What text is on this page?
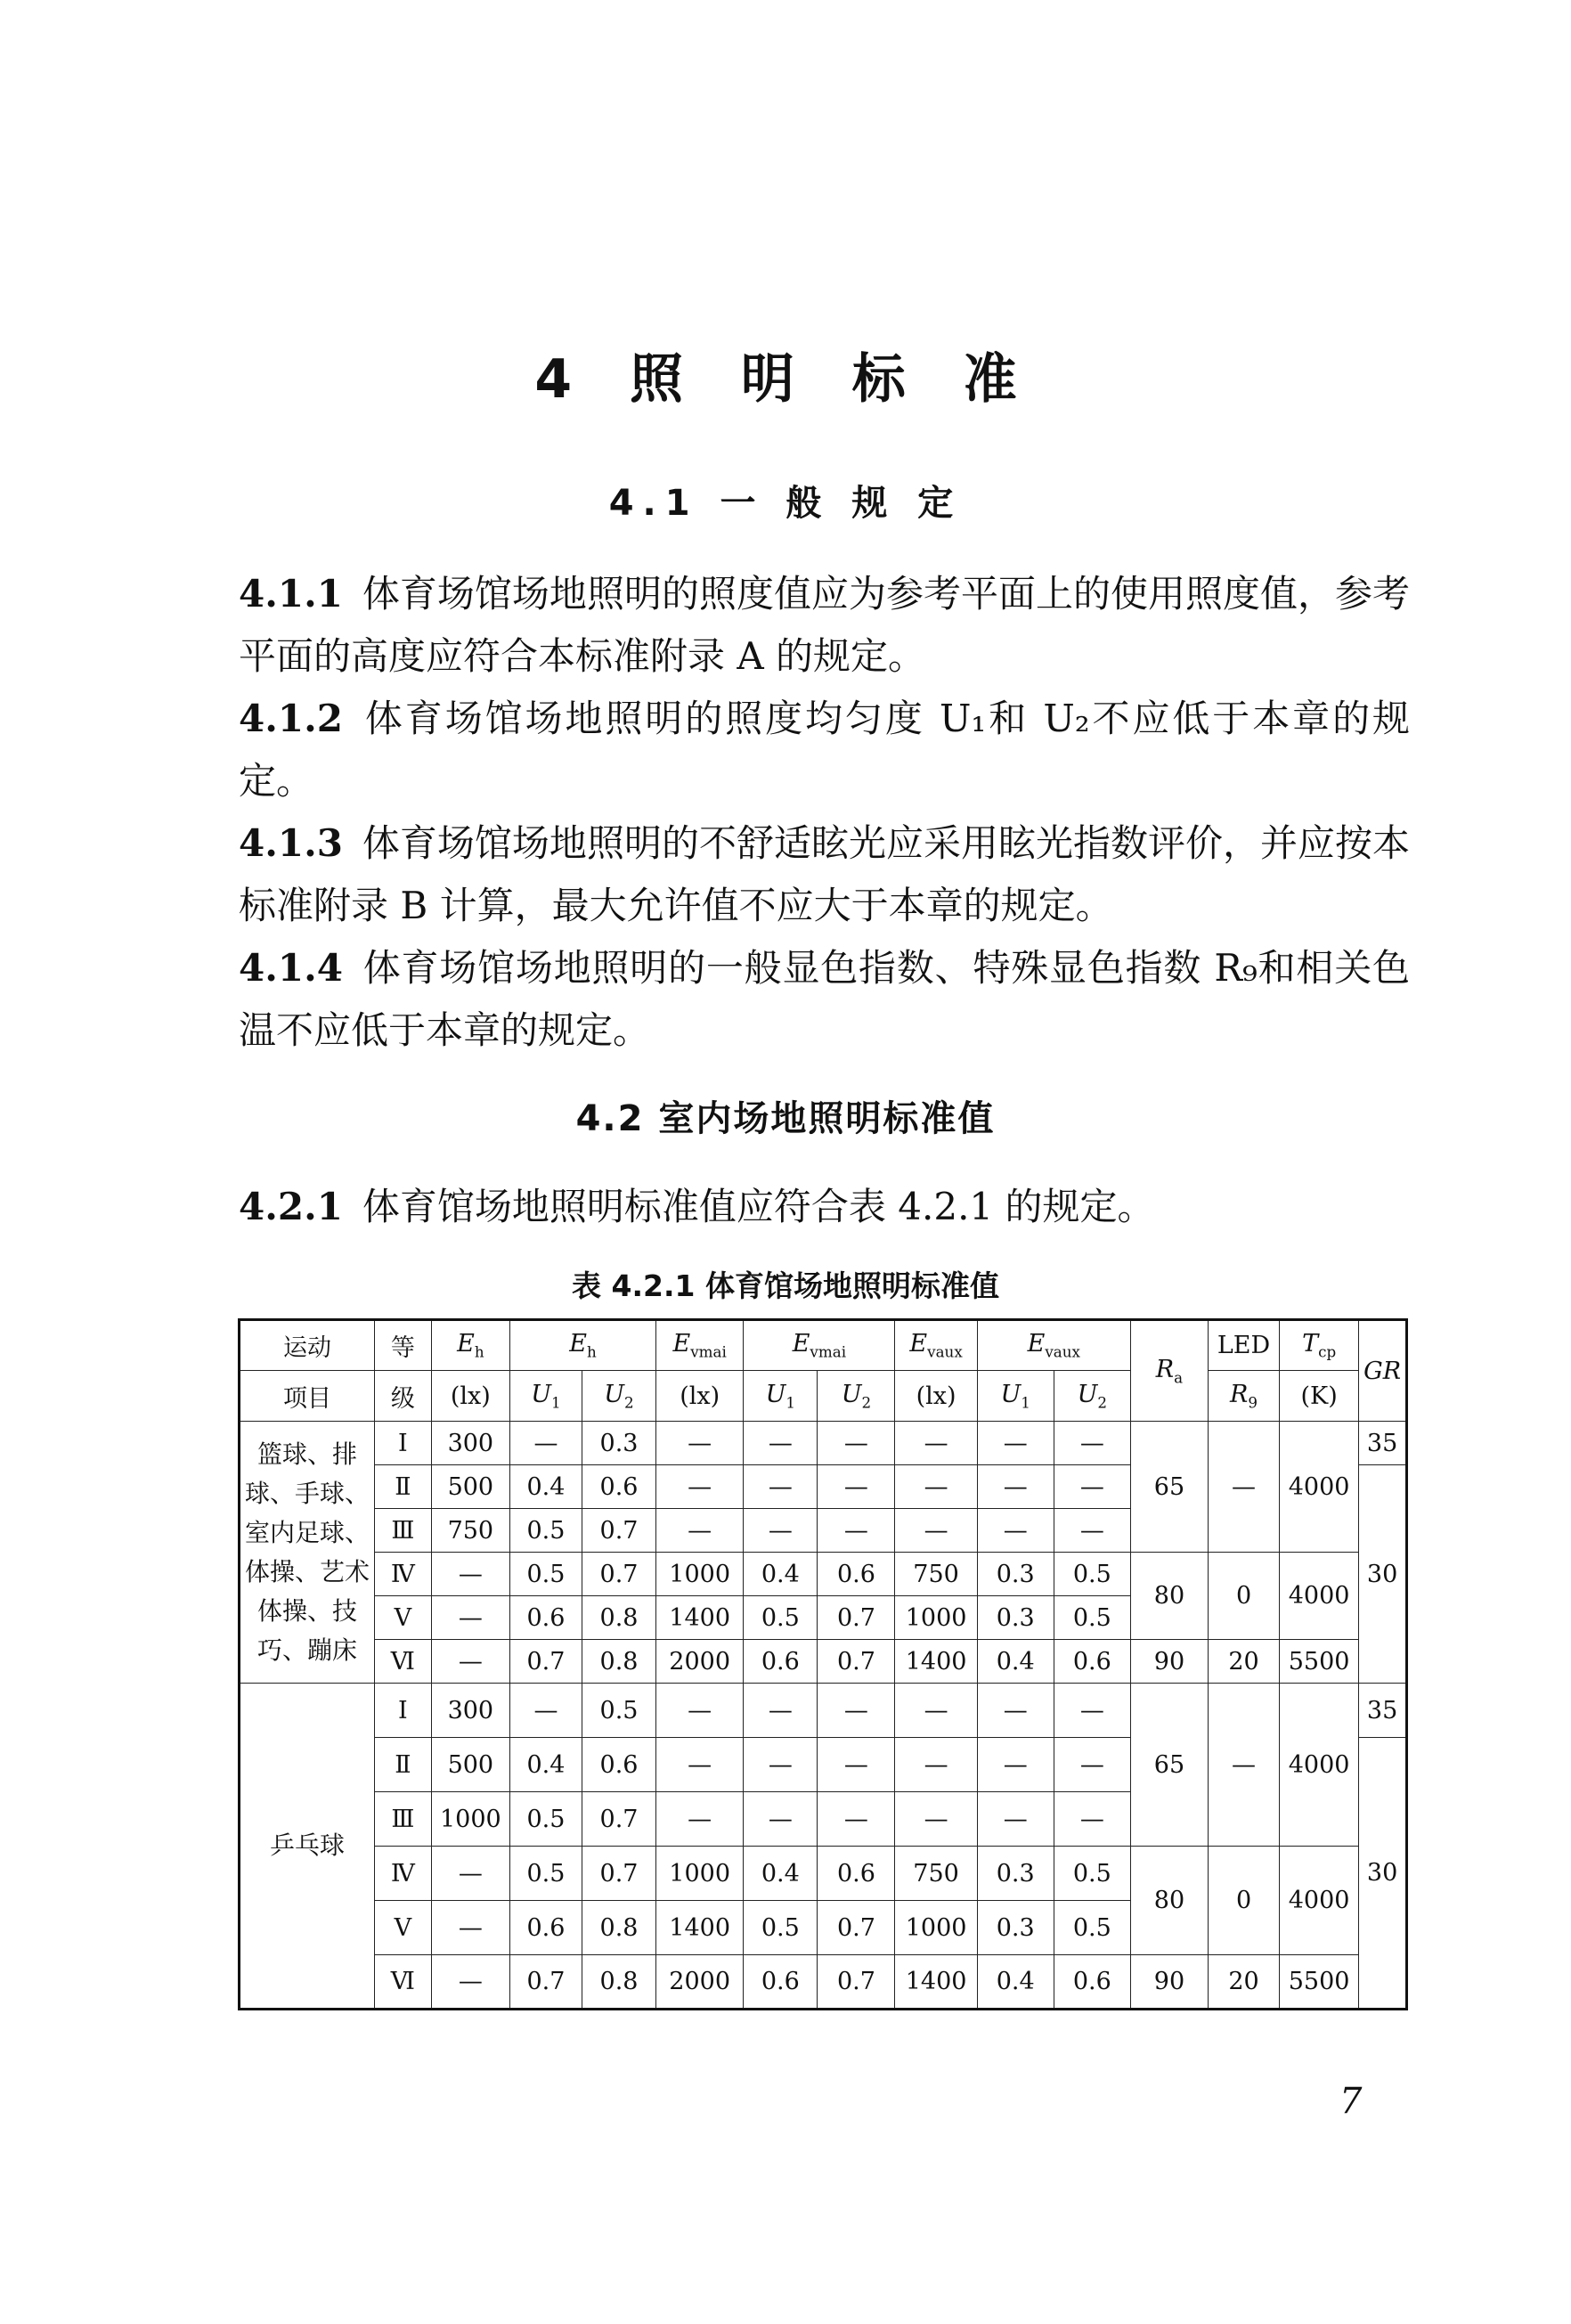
4 照 明 标 准
4.1 一 般 规 定

4.1.1 体育场馆场地照明的照度值应为参考平面上的使用照度值，参考平面的高度应符合本标准附录 A 的规定。

4.1.2 体育场馆场地照明的照度均匀度 U₁和 U₂不应低于本章的规定。

4.1.3 体育场馆场地照明的不舒适眩光应采用眩光指数评价，并应按本标准附录 B 计算，最大允许值不应大于本章的规定。

4.1.4 体育场馆场地照明的一般显色指数、特殊显色指数 R₉和相关色温不应低于本章的规定。

4.2 室内场地照明标准值

4.2.1 体育馆场地照明标准值应符合表 4.2.1 的规定。

表 4.2.1 体育馆场地照明标准值

运动	等	$E_h$	$E_h$		$E_{vmai}$	$E_{vmai}$		$E_{vaux}$	$E_{vaux}$		$R_a$	LED	$T_{cp}$	GR
项目	级	(lx)	$U_1$	$U_2$	(lx)	$U_1$	$U_2$	(lx)	$U_1$	$U_2$		$R_9$	(K)	
篮球、排球、手球、室内足球、体操、艺术体操、技巧、蹦床	Ⅰ	300	—	0.3	—	—	—	—	—	—	65	—	4000	35
	Ⅱ	500	0.4	0.6	—	—	—	—	—	—				30
	Ⅲ	750	0.5	0.7	—	—	—	—	—	—				
	Ⅳ	—	0.5	0.7	1000	0.4	0.6	750	0.3	0.5	80	0	4000	
	Ⅴ	—	0.6	0.8	1400	0.5	0.7	1000	0.3	0.5				
	Ⅵ	—	0.7	0.8	2000	0.6	0.7	1400	0.4	0.6	90	20	5500	
乒乓球	Ⅰ	300	—	0.5	—	—	—	—	—	—	65	—	4000	35
	Ⅱ	500	0.4	0.6	—	—	—	—	—	—				30
	Ⅲ	1000	0.5	0.7	—	—	—	—	—	—				
	Ⅳ	—	0.5	0.7	1000	0.4	0.6	750	0.3	0.5	80	0	4000	
	Ⅴ	—	0.6	0.8	1400	0.5	0.7	1000	0.3	0.5				
	Ⅵ	—	0.7	0.8	2000	0.6	0.7	1400	0.4	0.6	90	20	5500	

7
